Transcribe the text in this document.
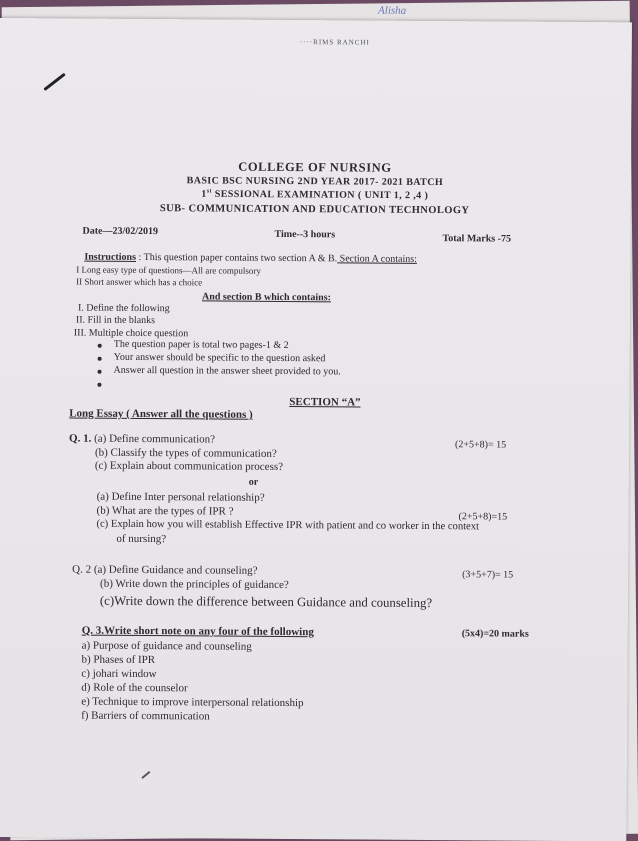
Alisha
····RIMS RANCHI
COLLEGE OF NURSING
BASIC BSC NURSING 2ND YEAR 2017- 2021 BATCH
1st SESSIONAL EXAMINATION ( UNIT 1, 2 ,4 )
SUB- COMMUNICATION AND EDUCATION TECHNOLOGY
Date—23/02/2019	Time--3 hours	Total Marks -75
Instructions : This question paper contains two section A & B. Section A contains:
I Long easy type of questions—All are compulsory
II Short answer which has a choice
And section B which contains:
I. Define the following
II. Fill in the blanks
III. Multiple choice question
The question paper is total two pages-1 & 2
Your answer should be specific to the question asked
Answer all question in the answer sheet provided to you.
SECTION “A”
Long Essay ( Answer all the questions )
Q. 1. (a) Define communication?	(2+5+8)= 15
(b) Classify the types of communication?
(c) Explain about communication process?
or
(a) Define Inter personal relationship?
(b) What are the types of IPR ?	(2+5+8)=15
(c) Explain how you will establish Effective IPR with patient and co worker in the context
of nursing?
Q. 2 (a) Define Guidance and counseling?	(3+5+7)= 15
(b) Write down the principles of guidance?
(c)Write down the difference between Guidance and counseling?
Q. 3.Write short note on any four of the following	(5x4)=20 marks
a) Purpose of guidance and counseling
b) Phases of IPR
c) johari window
d) Role of the counselor
e) Technique to improve interpersonal relationship
f) Barriers of communication
